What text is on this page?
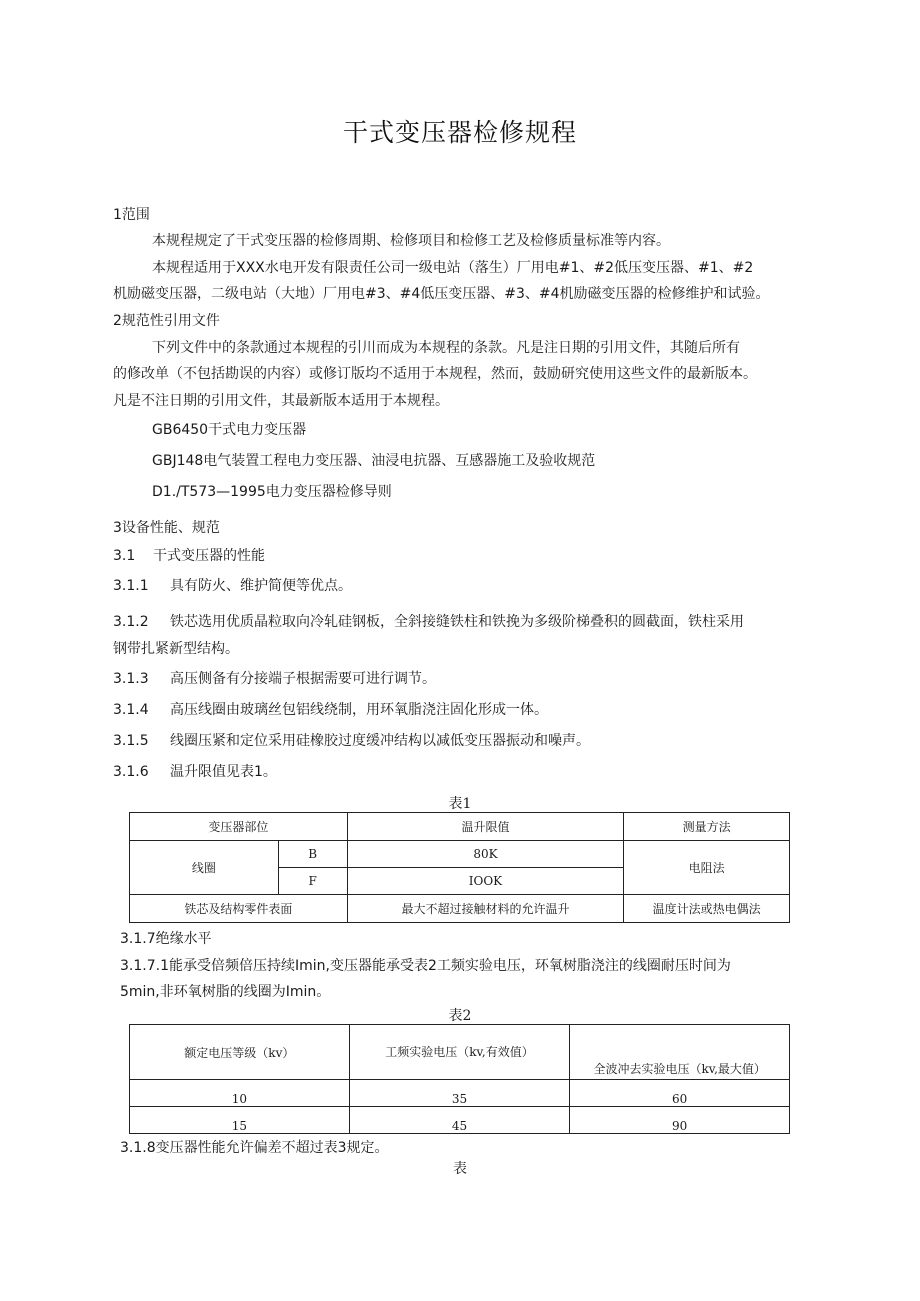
干式变压器检修规程
1范围
本规程规定了干式变压器的检修周期、检修项目和检修工艺及检修质量标准等内容。
本规程适用于XXX水电开发有限责任公司一级电站（落生）厂用电#1、#2低压变压器、#1、#2
机励磁变压器，二级电站（大地）厂用电#3、#4低压变压器、#3、#4机励磁变压器的检修维护和试验。
2规范性引用文件
下列文件中的条款通过本规程的引川而成为本规程的条款。凡是注日期的引用文件，其随后所有
的修改单（不包括勘误的内容）或修订版均不适用于本规程，然而，鼓励研究使用这些文件的最新版本。
凡是不注日期的引用文件，其最新版本适用于本规程。
GB6450干式电力变压器
GBJ148电气装置工程电力变压器、油浸电抗器、互感器施工及验收规范
D1./T573—1995电力变压器检修导则
3设备性能、规范
3.1 干式变压器的性能
3.1.1 具有防火、维护简便等优点。
3.1.2 铁芯选用优质晶粒取向冷轧硅钢板，全斜接缝铁柱和铁挽为多级阶梯叠积的圆截面，铁柱采用
钢带扎紧新型结构。
3.1.3 高压侧备有分接端子根据需要可进行调节。
3.1.4 高压线圈由玻璃丝包铝线绕制，用环氧脂浇注固化形成一体。
3.1.5 线圈压紧和定位采用硅橡胶过度缓冲结构以减低变压器振动和噪声。
3.1.6 温升限值见表1。
表1
变压器部位		温升限值	测量方法
线圈	B	80K	电阻法
	F	IOOK	
铁芯及结构零件表面		最大不超过接触材料的允许温升	温度计法或热电偶法
3.1.7绝缘水平
3.1.7.1能承受倍频倍压持续Imin,变压器能承受表2工频实验电压，环氧树脂浇注的线圈耐压时间为
5min,非环氧树脂的线圈为Imin。
表2
额定电压等级（kv）	工频实验电压（kv,有效值）	全波冲去实验电压（kv,最大值）
10	35	60
15	45	90
3.1.8变压器性能允许偏差不超过表3规定。
表
